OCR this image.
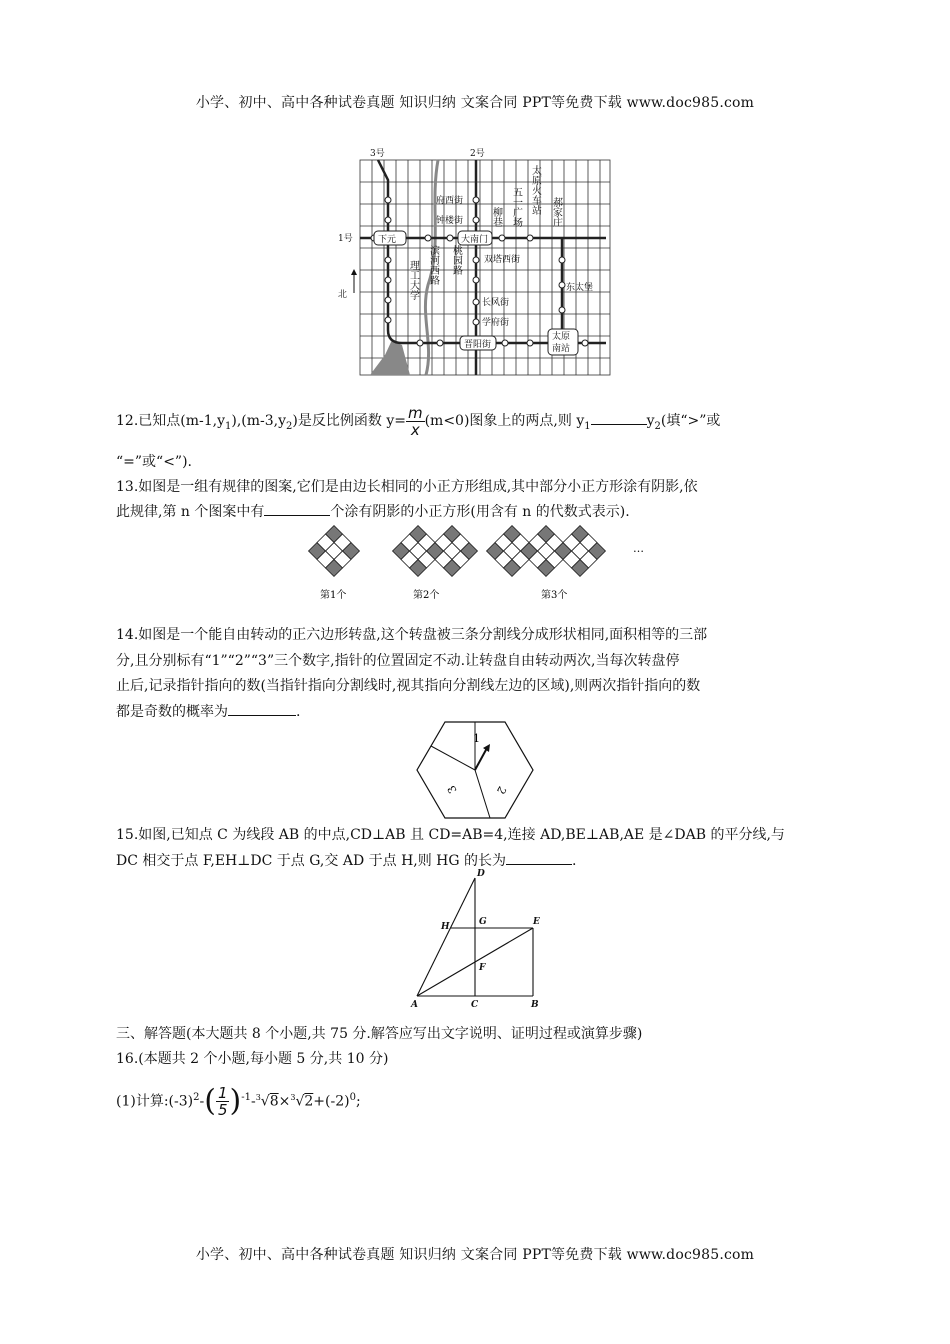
小学、初中、高中各种试卷真题 知识归纳 文案合同 PPT等免费下载 www.doc985.com
3号	2号
1号
北
下元	大南门
晋阳街
太原
南站
府西街
钟楼街
双塔西街
长风街
学府街
东太堡
理工大学 滨河西路 桃园路
柳巷 五一广场 太原火车站 郝家庄
12.已知点$(m-1,y_1),(m-3,y_2)$是反比例函数 $y= \frac{m}{x} (m<0)$图象上的两点,则 $y_1$	$y_2$(填“>”或
“=”或“<”).
13.如图是一组有规律的图案,它们是由边长相同的小正方形组成,其中部分小正方形涂有阴影,依
此规律,第 n 个图案中有	个涂有阴影的小正方形(用含有 n 的代数式表示).
…
第1个	第2个	第3个
14.如图是一个能自由转动的正六边形转盘,这个转盘被三条分割线分成形状相同,面积相等的三部
分,且分别标有“1”“2”“3”三个数字,指针的位置固定不动.让转盘自由转动两次,当每次转盘停
止后,记录指针指向的数(当指针指向分割线时,视其指向分割线左边的区域),则两次指针指向的数
都是奇数的概率为	.
1
2
3
15.如图,已知点 C 为线段 AB 的中点,CD⊥AB 且 CD=AB=4,连接 AD,BE⊥AB,AE 是∠DAB 的平分线,与
DC 相交于点 F,EH⊥DC 于点 G,交 AD 于点 H,则 HG 的长为	.
D
H	G	E
F
A	C	B
三、解答题(本大题共 8 个小题,共 75 分.解答应写出文字说明、证明过程或演算步骤)
16.(本题共 2 个小题,每小题 5 分,共 10 分)
(1)计算$:(-3)^2-( \frac{1}{5} )^{-1}-^3√8\times^3√2+(-2)^0$;
小学、初中、高中各种试卷真题 知识归纳 文案合同 PPT等免费下载 www.doc985.com
